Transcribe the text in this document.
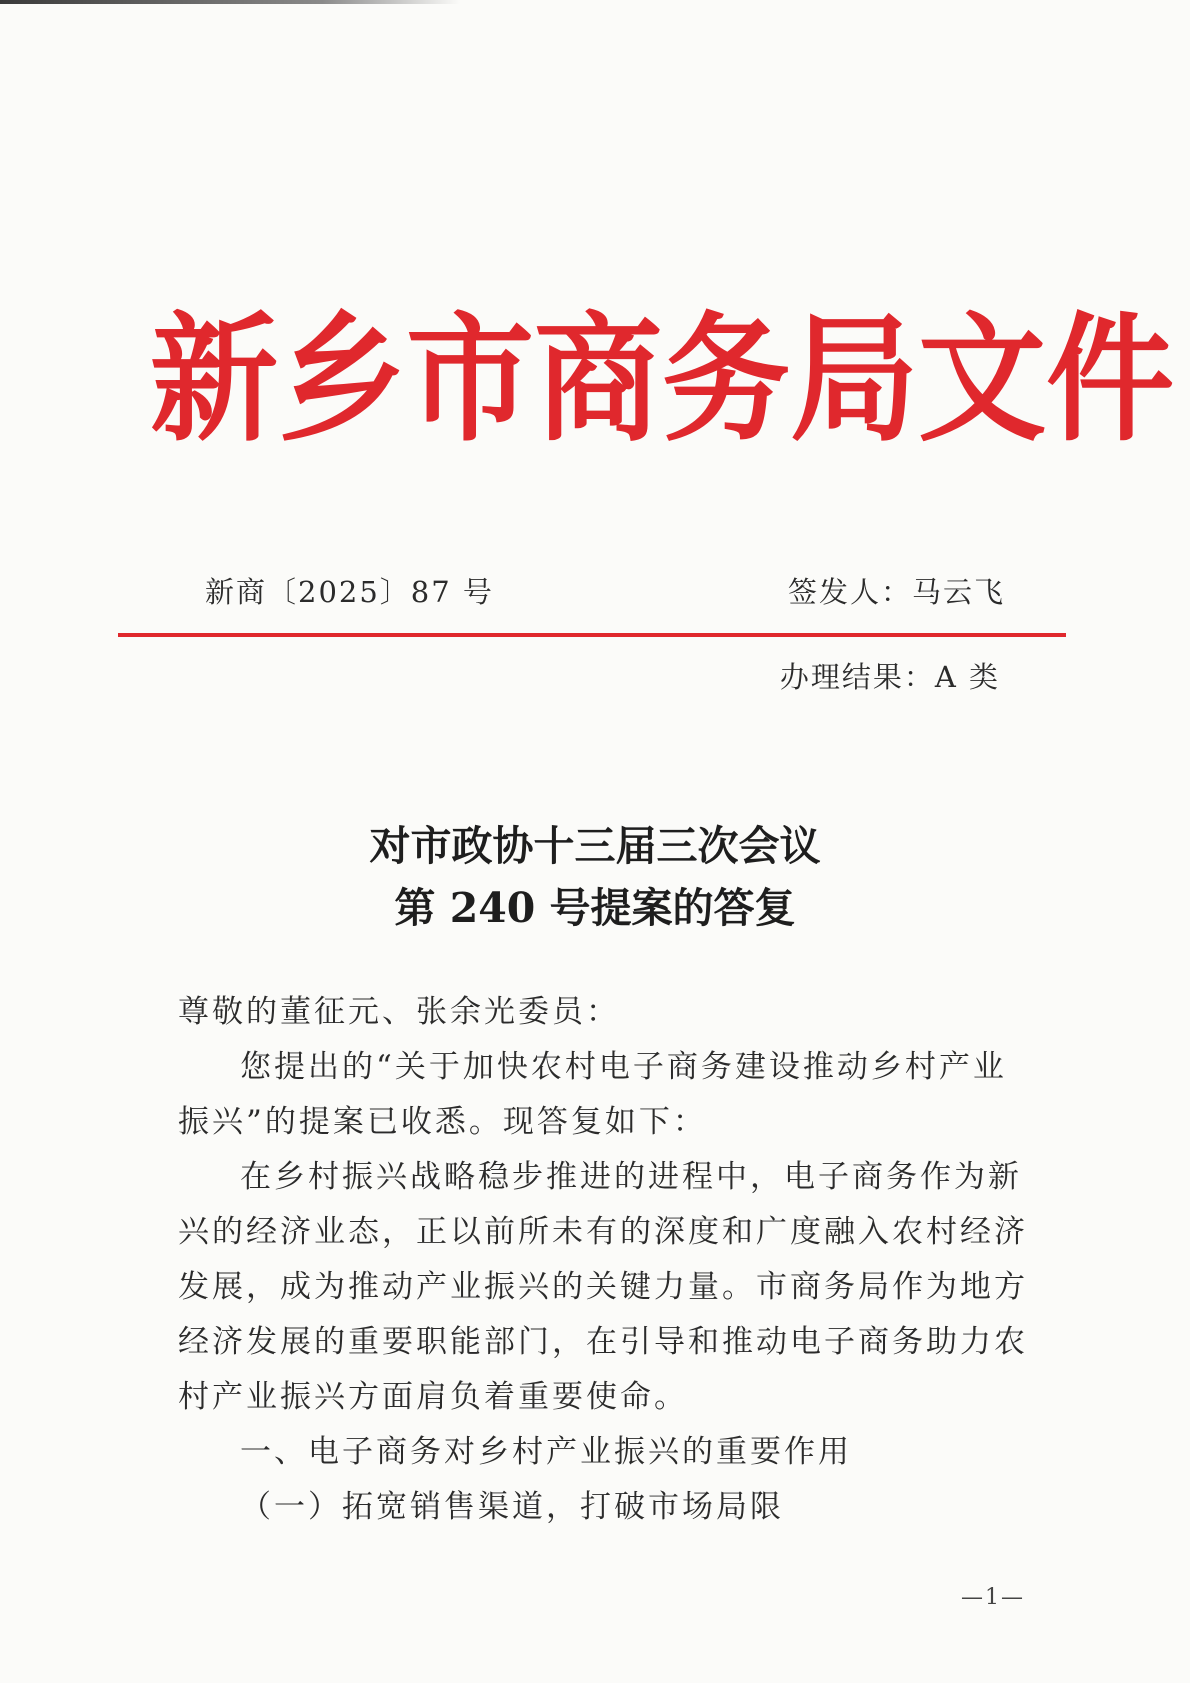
新 乡 市 商 务 局 文 件
新商〔2025〕87 号	签发人：马云飞
办理结果：A 类
对市政协十三届三次会议
第 240 号提案的答复

尊敬的董征元、张余光委员：

您提出的“关于加快农村电子商务建设推动乡村产业振兴”的提案已收悉。现答复如下：

在乡村振兴战略稳步推进的进程中，电子商务作为新兴的经济业态，正以前所未有的深度和广度融入农村经济发展，成为推动产业振兴的关键力量。市商务局作为地方经济发展的重要职能部门，在引导和推动电子商务助力农村产业振兴方面肩负着重要使命。

一、电子商务对乡村产业振兴的重要作用

（一）拓宽销售渠道，打破市场局限

—1—
